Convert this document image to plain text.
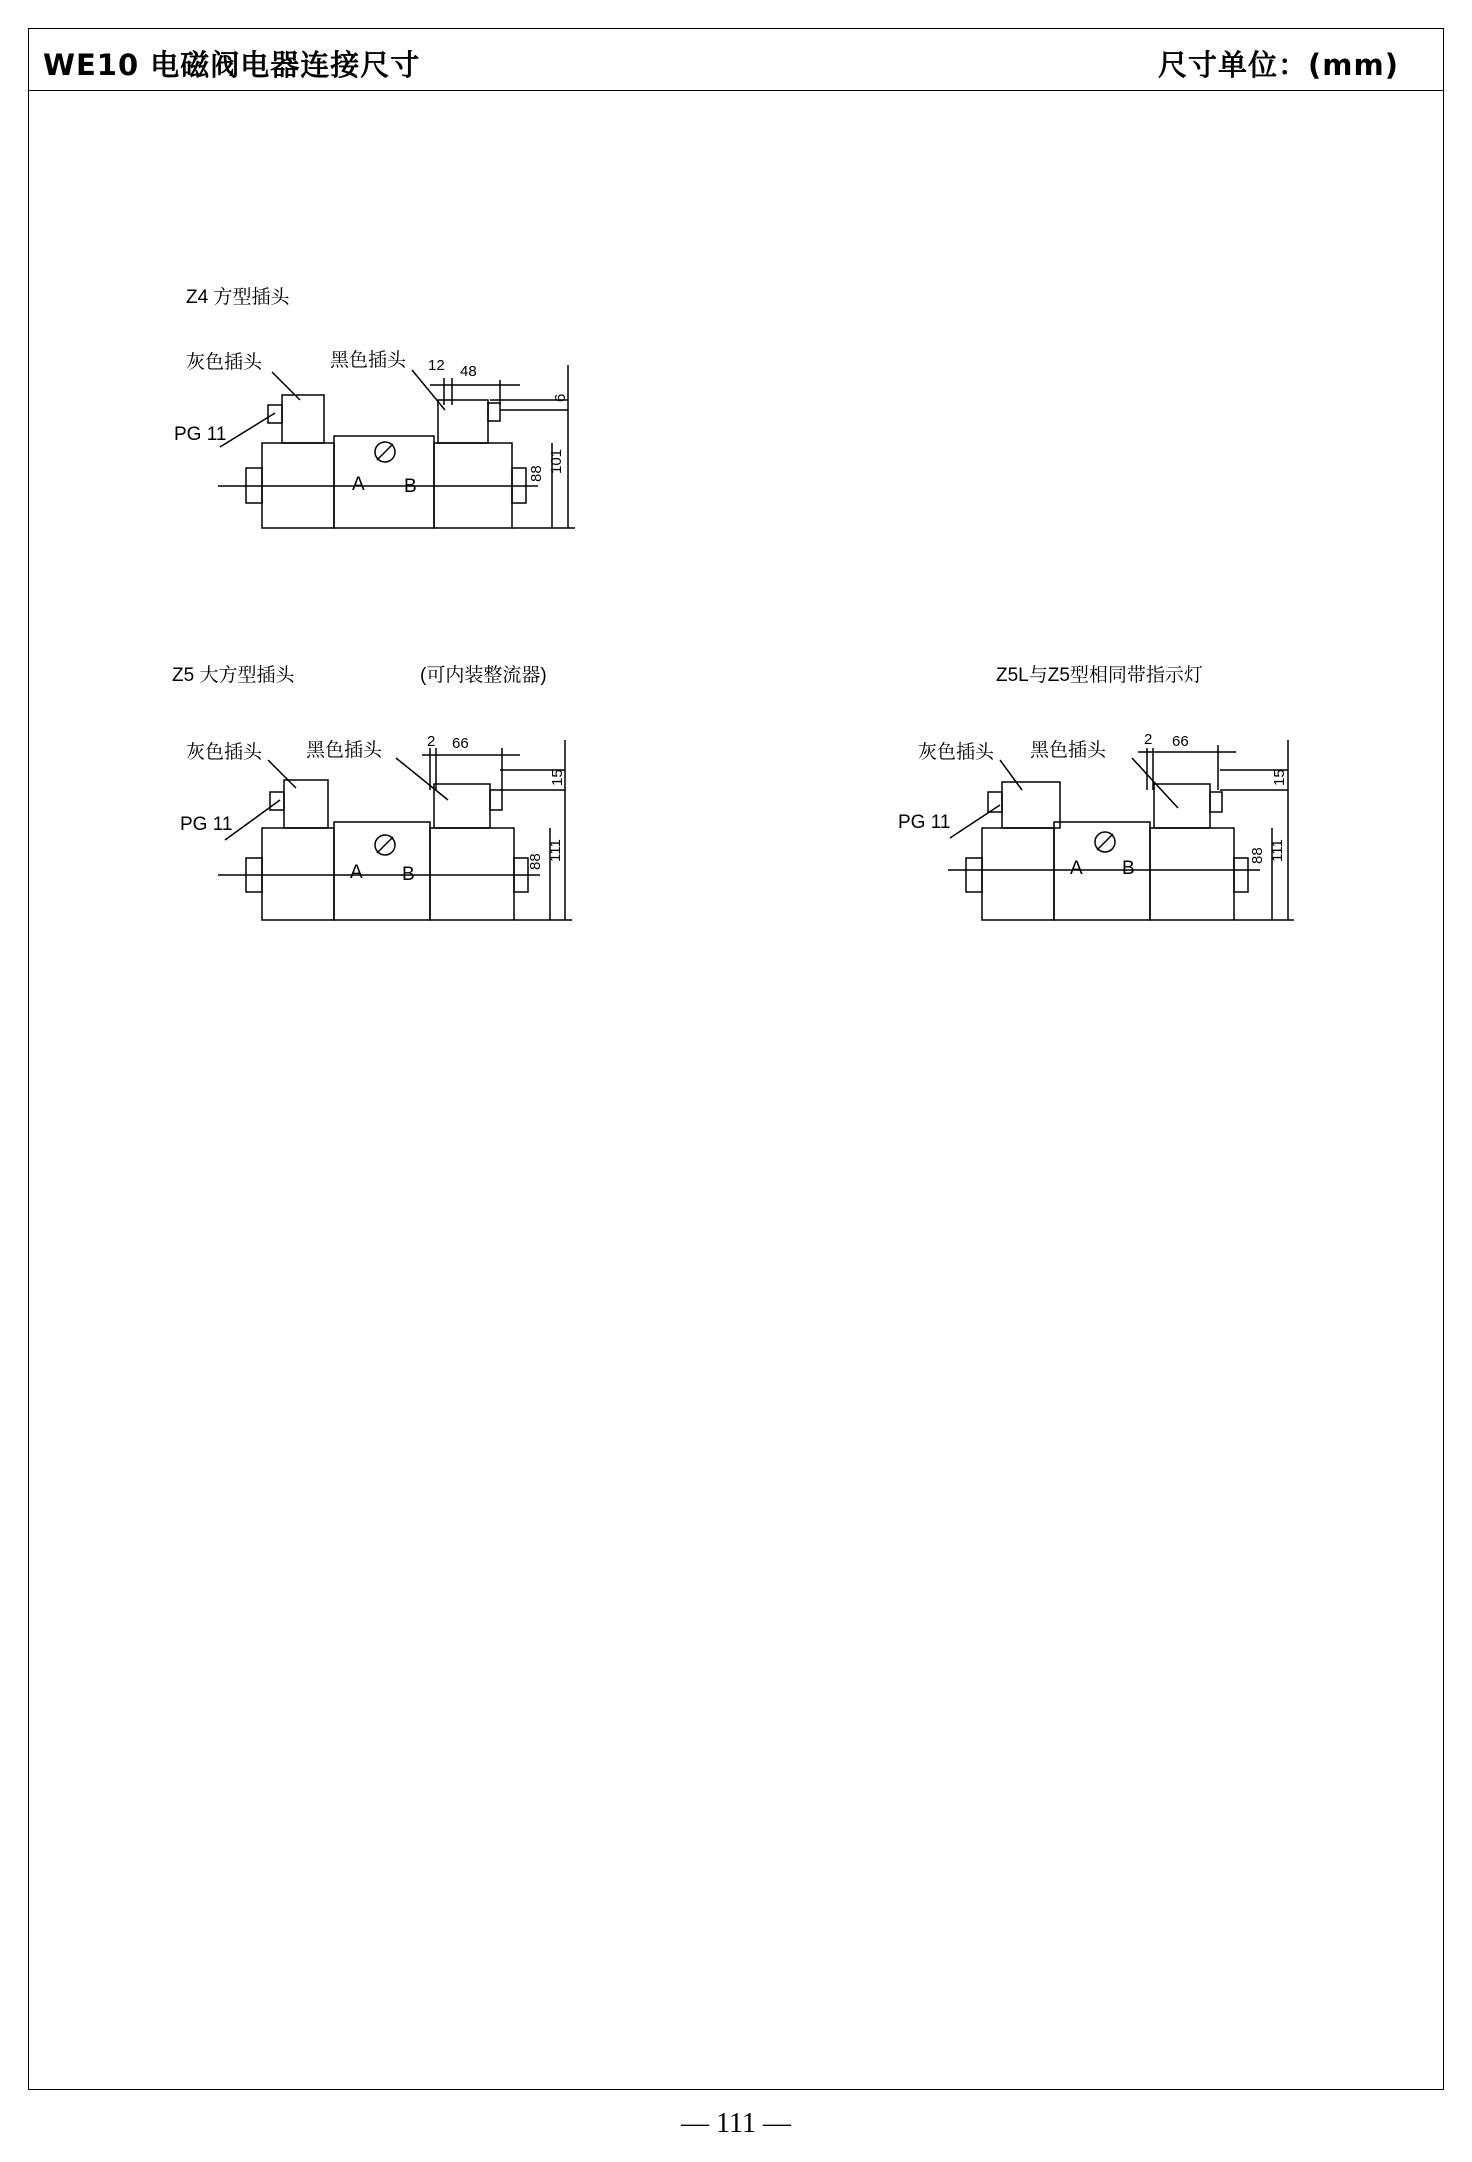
WE10 电磁阀电器连接尺寸	尺寸单位：(mm)
Z4 方型插头
灰色插头	黑色插头
PG 11
A B
12 48
6
88 101
Z5 大方型插头	(可内装整流器)
灰色插头 黑色插头
PG 11
A B
2 66
15
88 111
Z5L与Z5型相同带指示灯
灰色插头 黑色插头
PG 11
A B
2 66
15
88 111
— 111 —
